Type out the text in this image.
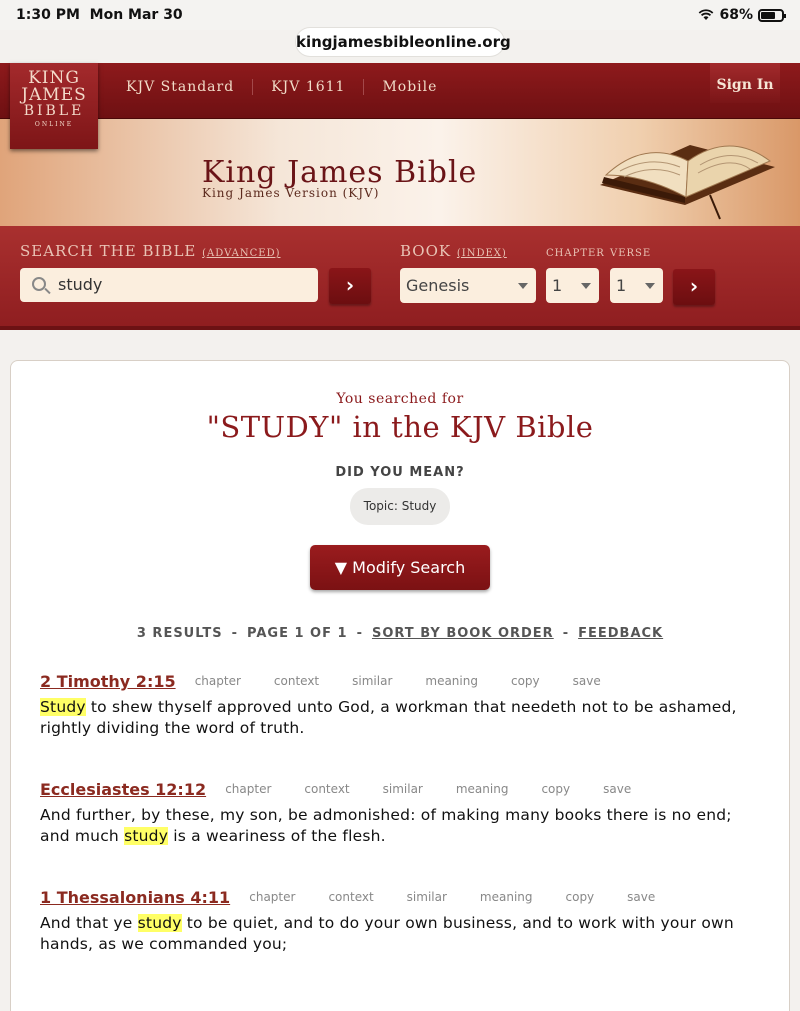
1:30 PM Mon Mar 30	68%
kingjamesbibleonline.org
KING
JAMES
BIBLE
ONLINE
KJV Standard	KJV 1611	Mobile	Sign In
King James Bible
King James Version (KJV)
SEARCH THE BIBLE (ADVANCED)
study	›
BOOK (INDEX)	CHAPTER VERSE
Genesis	1	1	›
You searched for
"STUDY" in the KJV Bible
DID YOU MEAN?
Topic: Study
▼ Modify Search
3 RESULTS - PAGE 1 OF 1 - SORT BY BOOK ORDER - FEEDBACK
2 Timothy 2:15 chapter	context	similar	meaning	copy	save
Study to shew thyself approved unto God, a workman that needeth not to be ashamed, rightly dividing the word of truth.
Ecclesiastes 12:12 chapter	context	similar	meaning	copy	save
And further, by these, my son, be admonished: of making many books there is no end; and much study is a weariness of the flesh.
1 Thessalonians 4:11 chapter	context	similar	meaning	copy	save
And that ye study to be quiet, and to do your own business, and to work with your own hands, as we commanded you;
